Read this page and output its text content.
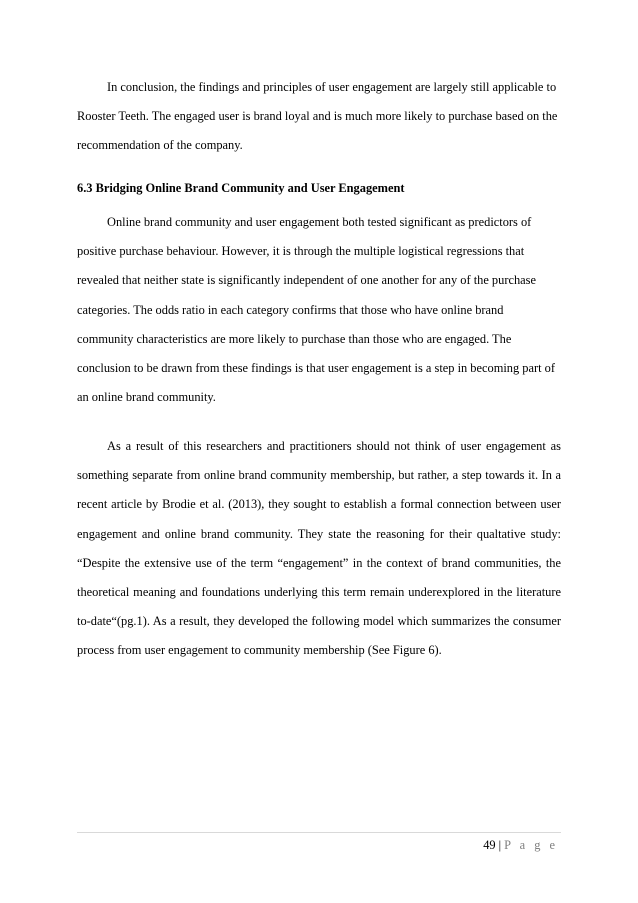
In conclusion, the findings and principles of user engagement are largely still applicable to Rooster Teeth. The engaged user is brand loyal and is much more likely to purchase based on the recommendation of the company.

6.3 Bridging Online Brand Community and User Engagement

Online brand community and user engagement both tested significant as predictors of positive purchase behaviour. However, it is through the multiple logistical regressions that revealed that neither state is significantly independent of one another for any of the purchase categories. The odds ratio in each category confirms that those who have online brand community characteristics are more likely to purchase than those who are engaged. The conclusion to be drawn from these findings is that user engagement is a step in becoming part of an online brand community.

As a result of this researchers and practitioners should not think of user engagement as something separate from online brand community membership, but rather, a step towards it. In a recent article by Brodie et al. (2013), they sought to establish a formal connection between user engagement and online brand community. They state the reasoning for their qualtative study: “Despite the extensive use of the term “engagement” in the context of brand communities, the theoretical meaning and foundations underlying this term remain underexplored in the literature to-date“(pg.1). As a result, they developed the following model which summarizes the consumer process from user engagement to community membership (See Figure 6).

49 | P a g e
